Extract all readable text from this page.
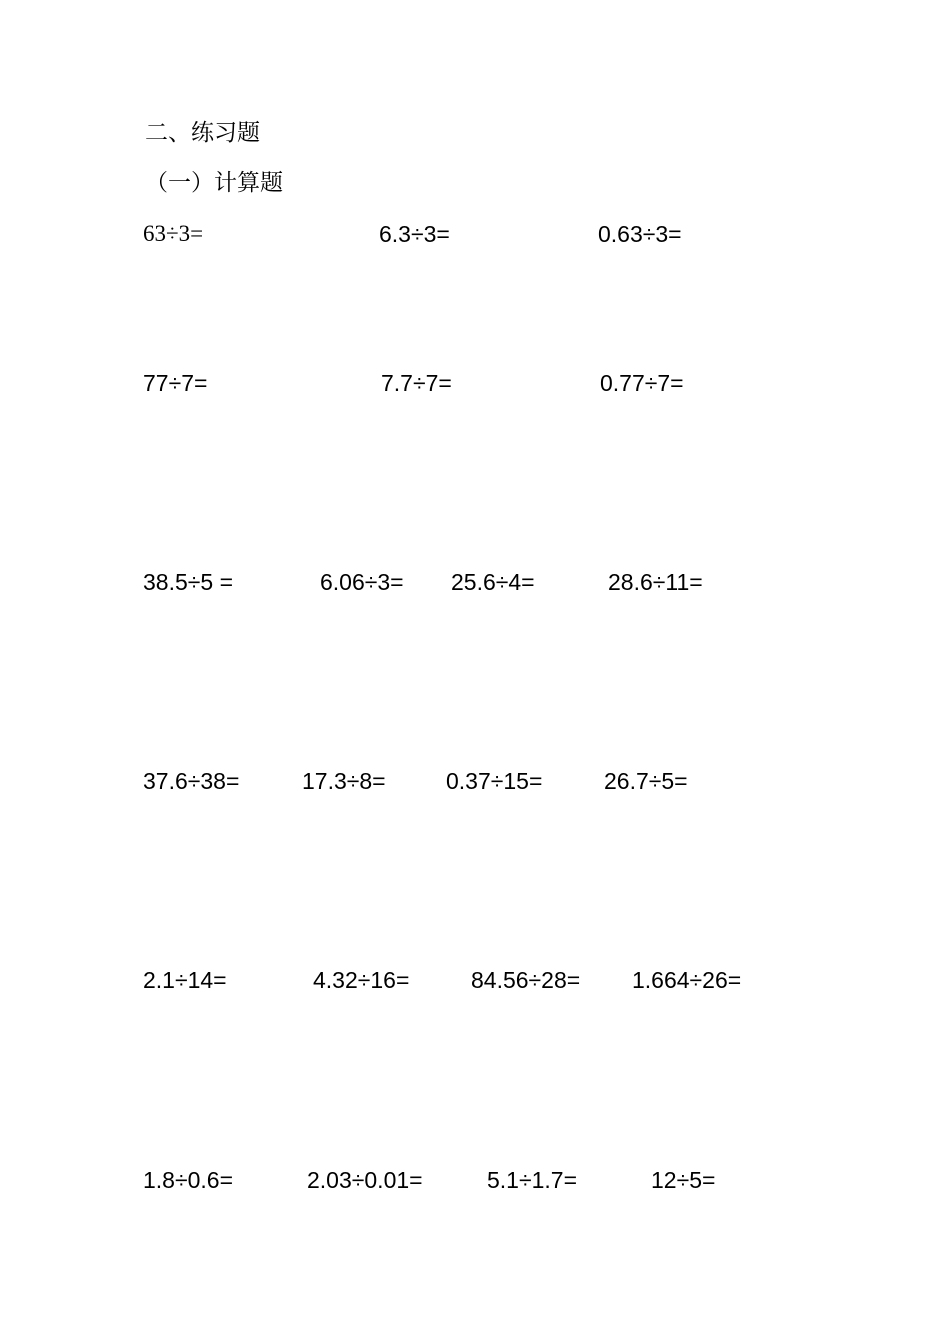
二、练习题
（一）计算题
63÷3=	6.3÷3=	0.63÷3=
77÷7=	7.7÷7=	0.77÷7=
38.5÷5 =	6.06÷3= 25.6÷4=	28.6÷11=
37.6÷38=	17.3÷8=	0.37÷15=	26.7÷5=
2.1÷14=	4.32÷16=	84.56÷28= 1.664÷26=
1.8÷0.6=	2.03÷0.01=	5.1÷1.7=	12÷5=
